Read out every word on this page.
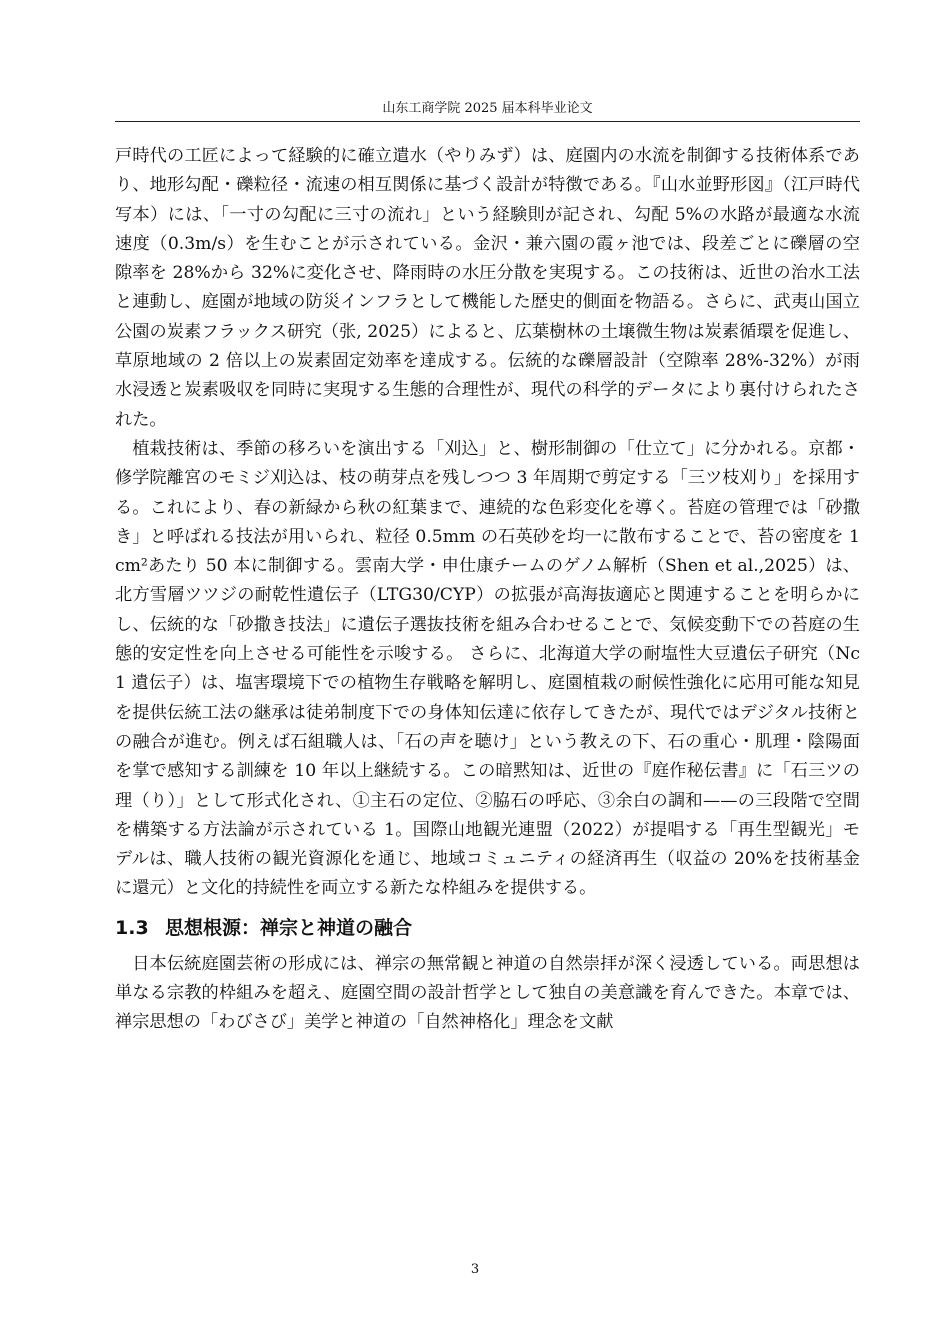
山东工商学院 2025 届本科毕业论文

戸時代の工匠によって経験的に確立遣水（やりみず）は、庭園内の水流を制御する技術体系であり、地形勾配・礫粒径・流速の相互関係に基づく設計が特徴である。『山水並野形図』（江戸時代写本）には、「一寸の勾配に三寸の流れ」という経験則が記され、勾配 5%の水路が最適な水流速度（0.3m/s）を生むことが示されている。金沢・兼六園の霞ヶ池では、段差ごとに礫層の空隙率を 28%から 32%に変化させ、降雨時の水圧分散を実現する。この技術は、近世の治水工法と連動し、庭園が地域の防災インフラとして機能した歴史的側面を物語る。さらに、武夷山国立公園の炭素フラックス研究（张, 2025）によると、広葉樹林の土壌微生物は炭素循環を促進し、草原地域の 2 倍以上の炭素固定効率を達成する。伝統的な礫層設計（空隙率 28%-32%）が雨水浸透と炭素吸収を同時に実現する生態的合理性が、現代の科学的データにより裏付けられたされた。

植栽技術は、季節の移ろいを演出する「刈込」と、樹形制御の「仕立て」に分かれる。京都・修学院離宮のモミジ刈込は、枝の萌芽点を残しつつ 3 年周期で剪定する「三ツ枝刈り」を採用する。これにより、春の新緑から秋の紅葉まで、連続的な色彩変化を導く。苔庭の管理では「砂撒き」と呼ばれる技法が用いられ、粒径 0.5mm の石英砂を均一に散布することで、苔の密度を 1cm²あたり 50 本に制御する。雲南大学・申仕康チームのゲノム解析（Shen et al.,2025）は、北方雪層ツツジの耐乾性遺伝子（LTG30/CYP）の拡張が高海抜適応と関連することを明らかにし、伝統的な「砂撒き技法」に遺伝子選抜技術を組み合わせることで、気候変動下での苔庭の生態的安定性を向上させる可能性を示唆する。 さらに、北海道大学の耐塩性大豆遺伝子研究（Nc1 遺伝子）は、塩害環境下での植物生存戦略を解明し、庭園植栽の耐候性強化に応用可能な知見を提供伝統工法の継承は徒弟制度下での身体知伝達に依存してきたが、現代ではデジタル技術との融合が進む。例えば石組職人は、「石の声を聴け」という教えの下、石の重心・肌理・陰陽面を掌で感知する訓練を 10 年以上継続する。この暗黙知は、近世の『庭作秘伝書』に「石三ツの理（り）」として形式化され、①主石の定位、②脇石の呼応、③余白の調和——の三段階で空間を構築する方法論が示されている 1。国際山地観光連盟（2022）が提唱する「再生型観光」モデルは、職人技術の観光資源化を通じ、地域コミュニティの経済再生（収益の 20%を技術基金に還元）と文化的持続性を両立する新たな枠組みを提供する。

1.3 思想根源：禅宗と神道の融合

日本伝統庭園芸術の形成には、禅宗の無常観と神道の自然崇拝が深く浸透している。両思想は単なる宗教的枠組みを超え、庭園空間の設計哲学として独自の美意識を育んできた。本章では、禅宗思想の「わびさび」美学と神道の「自然神格化」理念を文献

3
